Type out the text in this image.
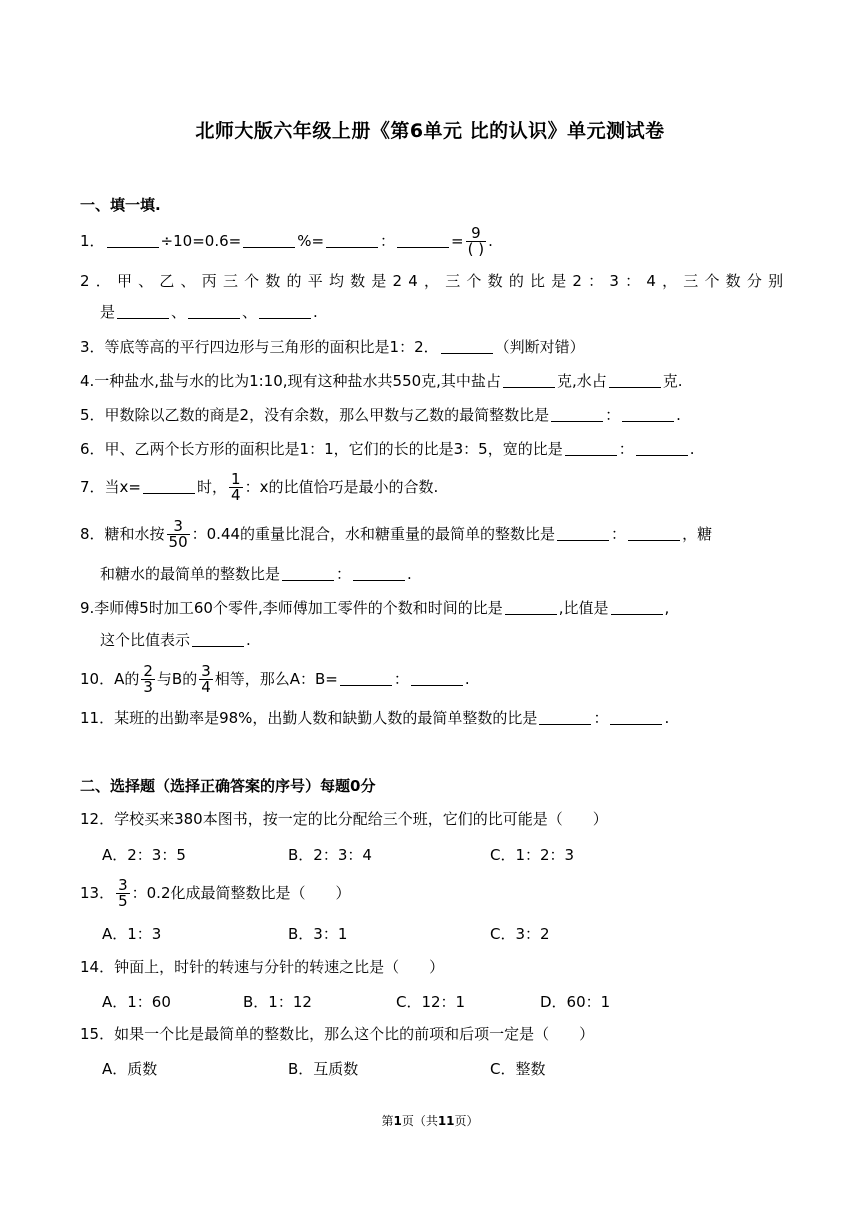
北师大版六年级上册《第6单元 比的认识》单元测试卷
一、填一填.
1．	÷10=0.6=	%=	：	= $\frac{9}{( )}$ .
2．甲、乙、丙三个数的平均数是24，三个数的比是2：3：4，三个数分别
是	、	、	.
3．等底等高的平行四边形与三角形的面积比是1：2．	（判断对错）
4.一种盐水,盐与水的比为1:10,现有这种盐水共550克,其中盐占	克,水占	克.
5．甲数除以乙数的商是2，没有余数，那么甲数与乙数的最简整数比是	：	.
6．甲、乙两个长方形的面积比是1：1，它们的长的比是3：5，宽的比是	：	.
7．当x=	时， $\frac{1}{4}$ ：x的比值恰巧是最小的合数.
8．糖和水按 $\frac{3}{50}$ ：0.44的重量比混合，水和糖重量的最简单的整数比是	：	，糖
和糖水的最简单的整数比是	：	.
9.李师傅5时加工60个零件,李师傅加工零件的个数和时间的比是	,比值是	,
这个比值表示	.
10．A的 $\frac{2}{3}$ 与B的 $\frac{3}{4}$ 相等，那么A：B=	：	.
11．某班的出勤率是98%，出勤人数和缺勤人数的最简单整数的比是	：	.
二、选择题（选择正确答案的序号）每题0分
12．学校买来380本图书，按一定的比分配给三个班，它们的比可能是（　　）
A．2：3：5	B．2：3：4	C．1：2：3
13． $\frac{3}{5}$ ：0.2化成最简整数比是（　　）
A．1：3	B．3：1	C．3：2
14．钟面上，时针的转速与分针的转速之比是（　　）
A．1：60	B．1：12	C．12：1	D．60：1
15．如果一个比是最简单的整数比，那么这个比的前项和后项一定是（　　）
A．质数	B．互质数	C．整数
第1页（共11页）
